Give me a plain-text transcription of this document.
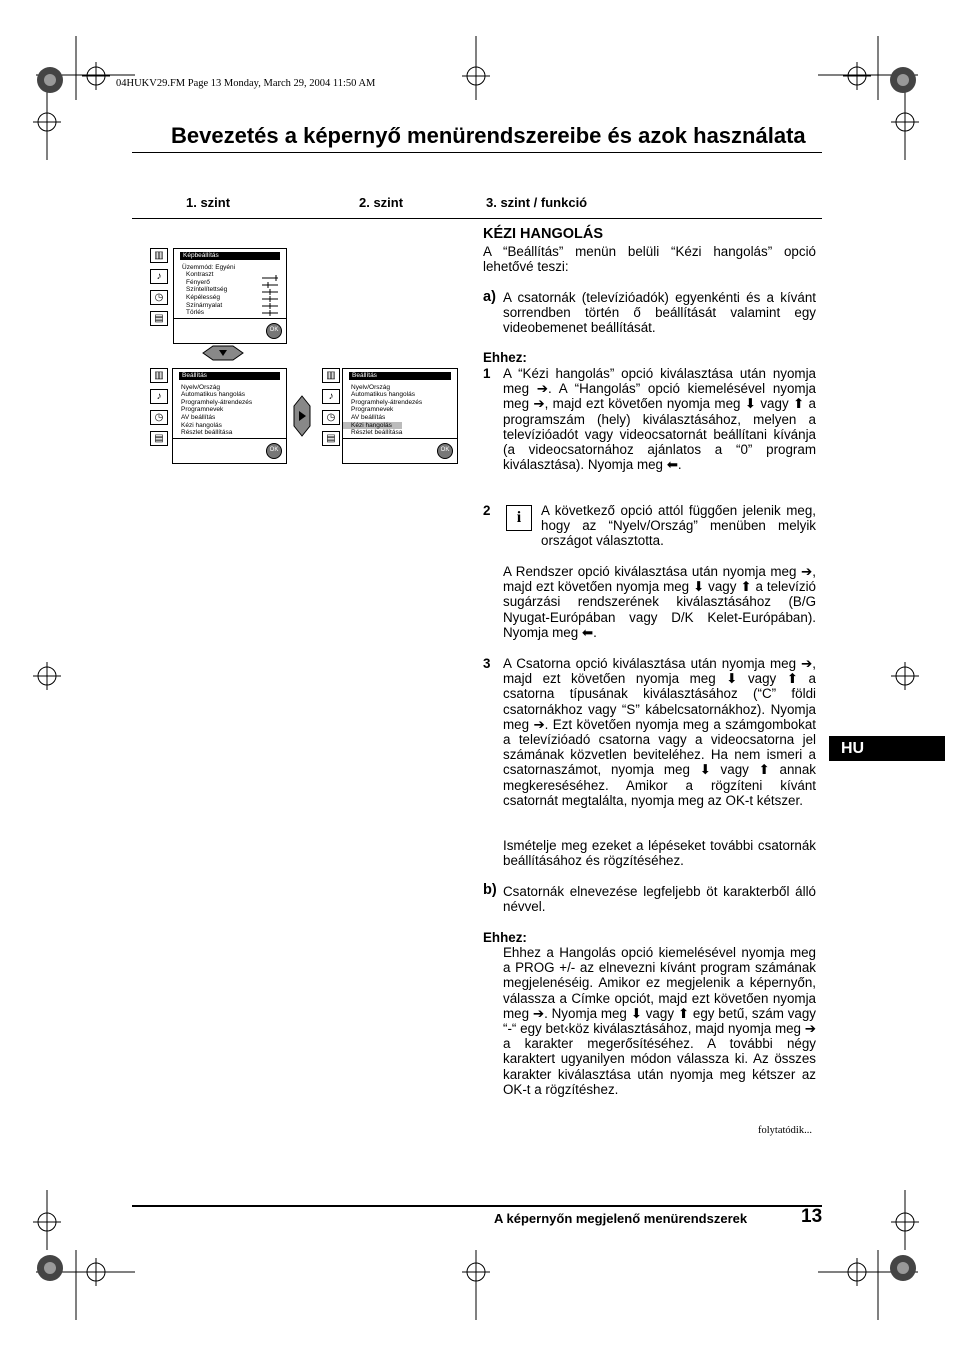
04HUKV29.FM Page 13 Monday, March 29, 2004 11:50 AM
Bevezetés a képernyő menürendszereibe és azok használata
1. szint	2. szint	3. szint / funkció
▥
♪
◷
▤
Képbeállítás
Üzemmód: Egyéni
Kontraszt
Fényerő
Színtelítettség
Képélesség
Színárnyalat
Törlés
OK
▥
♪
◷
▤
Beállítás
Nyelv/Ország
Automatikus hangolás
Programhely-átrendezés
Programnevek
AV beállítás
Kézi hangolás
Részlet beállítása
OK
▥
♪
◷
▤
Beállítás
Nyelv/Ország
Automatikus hangolás
Programhely-átrendezés
Programnevek
AV beállítás
Kézi hangolás
Részlet beállítása
OK
KÉZI HANGOLÁS
A “Beállítás” menün belüli “Kézi hangolás” opció lehetővé teszi:
a) A csatornák (televízióadók) egyenkénti és a kívánt sorrendben történ ő beállítását valamint egy videobemenet beállítását.
Ehhez:
1 A “Kézi hangolás” opció kiválasztása után nyomja meg ➔. A “Hangolás” opció kiemelésével nyomja meg ➔, majd ezt követően nyomja meg ⬇ vagy ⬆ a programszám (hely) kiválasztásához, melyen a televízióadót vagy videocsatornát beállítani kívánja (a videocsatornához ajánlatos a “0” program kiválasztása). Nyomja meg ⬅.
2	i	A következő opció attól függően jelenik meg, hogy az “Nyelv/Ország” menüben melyik országot választotta.
A Rendszer opció kiválasztása után nyomja meg ➔, majd ezt követően nyomja meg ⬇ vagy ⬆ a televízió sugárzási rendszerének kiválasztásához (B/G Nyugat-Európában vagy D/K Kelet-Európában). Nyomja meg ⬅.
3 A Csatorna opció kiválasztása után nyomja meg ➔, majd ezt követően nyomja meg ⬇ vagy ⬆ a csatorna típusának kiválasztásához (“C” földi csatornákhoz vagy “S” kábelcsatornákhoz). Nyomja meg ➔. Ezt követően nyomja meg a számgombokat a televízióadó csatorna vagy a videocsatorna jel számának közvetlen beviteléhez. Ha nem ismeri a csatornaszámot, nyomja meg ⬇ vagy ⬆ annak megkereséséhez. Amikor a rögzíteni kívánt csatornát megtalálta, nyomja meg az OK-t kétszer.
Ismételje meg ezeket a lépéseket további csatornák beállításához és rögzítéséhez.
b) Csatornák elnevezése legfeljebb öt karakterből álló névvel.
Ehhez:
Ehhez a Hangolás opció kiemelésével nyomja meg a PROG +/- az elnevezni kívánt program számának megjelenéséig. Amikor ez megjelenik a képernyőn, válassza a Címke opciót, majd ezt követően nyomja meg ➔. Nyomja meg ⬇ vagy ⬆ egy betű, szám vagy “-“ egy bet‹köz kiválasztásához, majd nyomja meg ➔ a karakter megerősítéséhez. A további négy karaktert ugyanilyen módon válassza ki. Az összes karakter kiválasztása után nyomja meg kétszer az OK-t a rögzítéshez.
folytatódik...
HU
A képernyőn megjelenő menürendszerek	13
